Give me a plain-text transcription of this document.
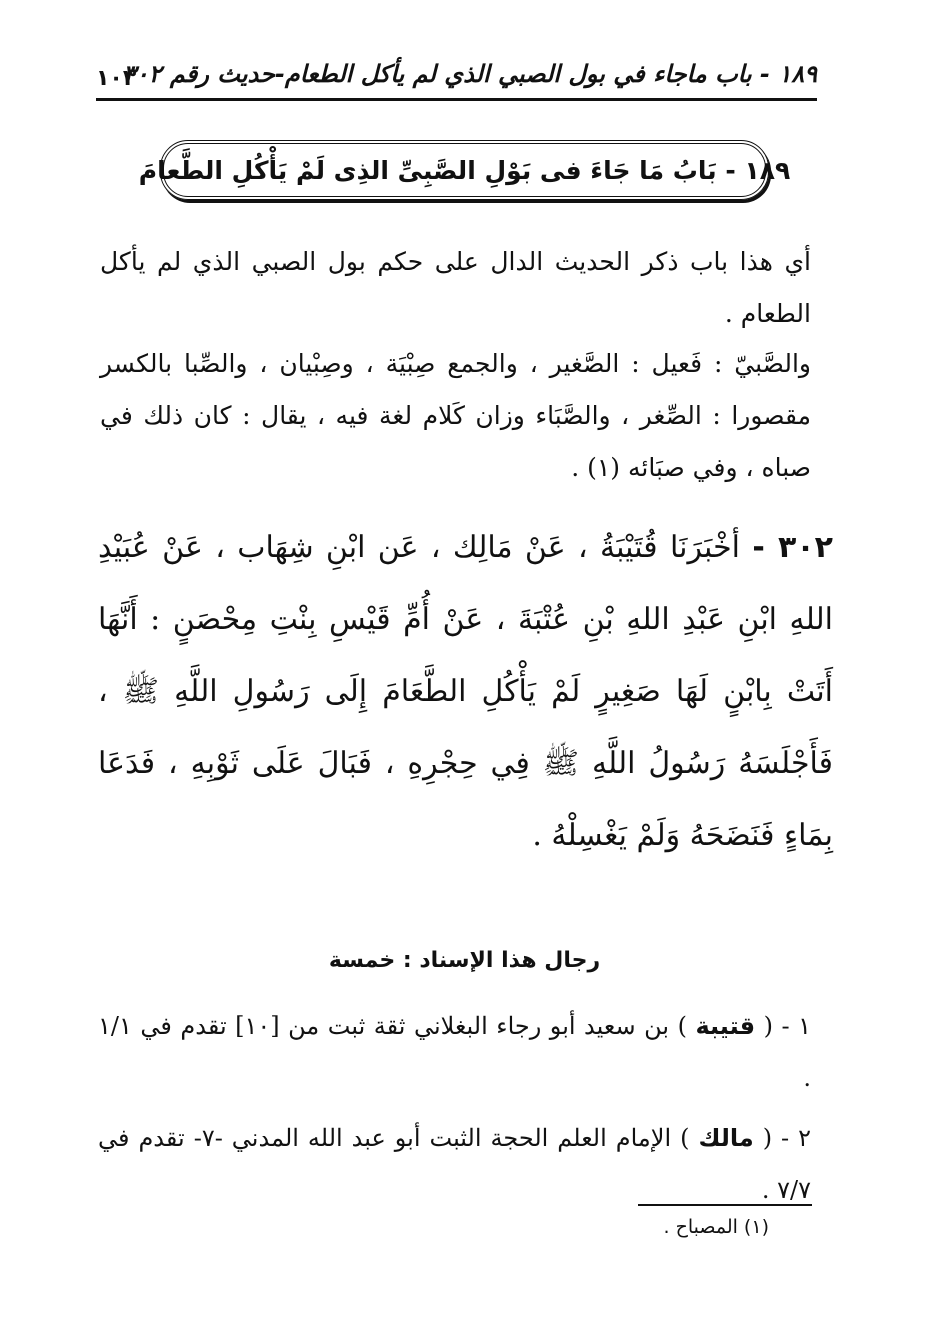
١٨٩ - باب ماجاء في بول الصبي الذي لم يأكل الطعام-حديث رقم ٣٠٢
١٠٣
١٨٩ - بَابُ مَا جَاءَ فى بَوْلِ الصَّبِىِّ الذِى لَمْ يَأْكُلِ الطَّعامَ
أي هذا باب ذكر الحديث الدال على حكم بول الصبي الذي لم يأكل الطعام .
والصَّبيّ : فَعيل : الصَّغير ، والجمع صِبْيَة ، وصِبْيان ، والصِّبا بالكسر مقصورا : الصِّغر ، والصَّبَاء وزان كَلام لغة فيه ، يقال : كان ذلك في صباه ، وفي صبَائه (١) .
٣٠٢ - أخْبَرَنَا قُتَيْبَةُ ، عَنْ مَالِك ، عَن ابْنِ شِهَاب ، عَنْ عُبَيْدِ اللهِ ابْنِ عَبْدِ اللهِ بْنِ عُتْبَةَ ، عَنْ أُمِّ قَيْسِ بِنْتِ مِحْصَنٍ : أَنَّهَا أَتَتْ بِابْنٍ لَهَا صَغِيرٍ لَمْ يَأْكُلِ الطَّعَامَ إِلَى رَسُولِ اللَّهِ ﷺ ، فَأَجْلَسَهُ رَسُولُ اللَّهِ ﷺ فِي حِجْرِهِ ، فَبَالَ عَلَى ثَوْبِهِ ، فَدَعَا بِمَاءٍ فَنَضَحَهُ وَلَمْ يَغْسِلْهُ .
رجال هذا الإسناد : خمسة
١ - ( قتيبة ) بن سعيد أبو رجاء البغلاني ثقة ثبت من [١٠] تقدم في ١/١ .
٢ - ( مالك ) الإمام العلم الحجة الثبت أبو عبد الله المدني -٧- تقدم في ٧/٧ .
(١) المصباح .
